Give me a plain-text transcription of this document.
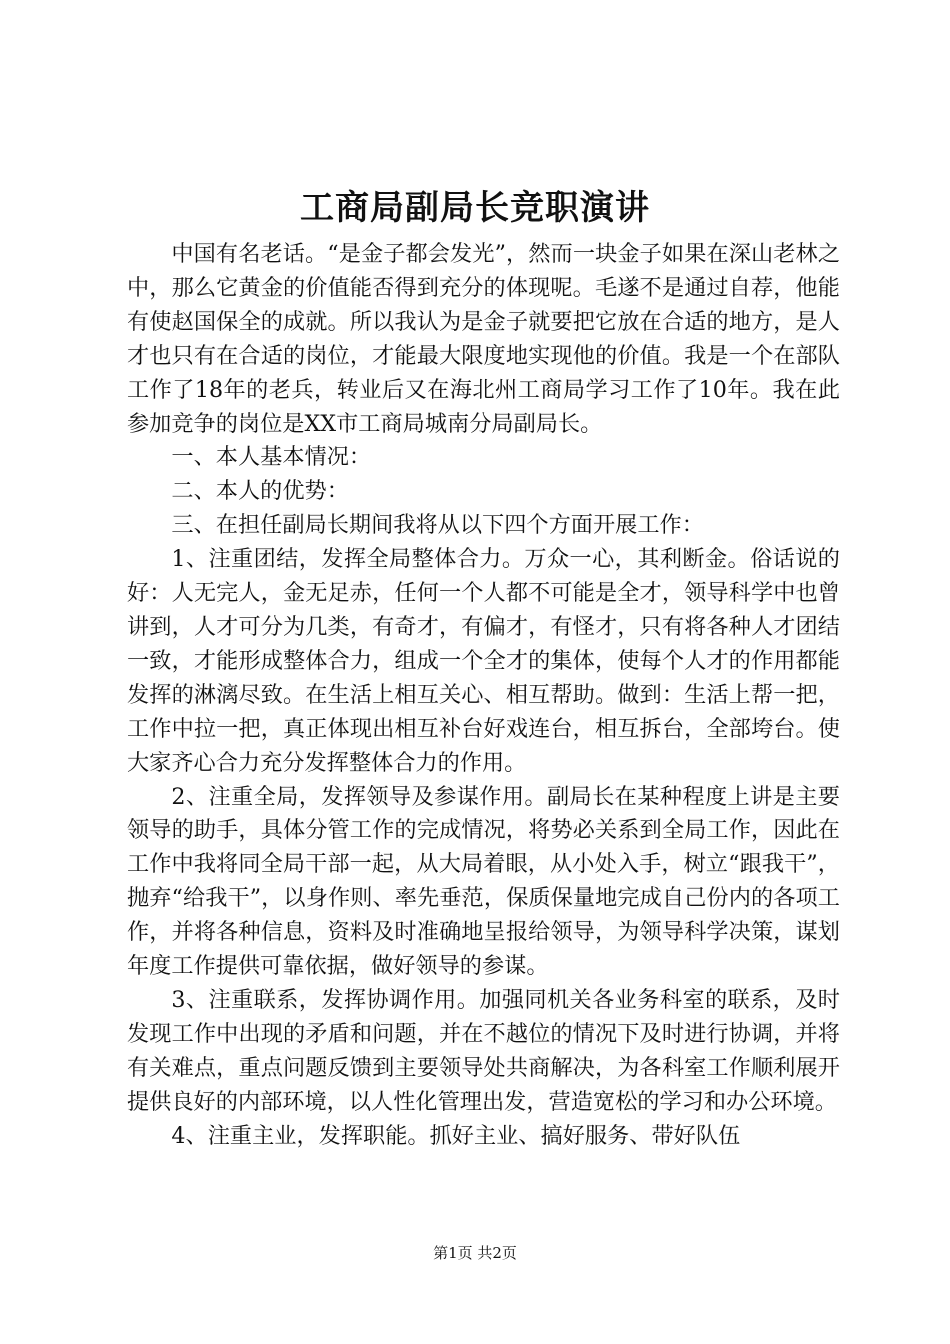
工商局副局长竞职演讲

中国有名老话。“是金子都会发光”，然而一块金子如果在深山老林之中，那么它黄金的价值能否得到充分的体现呢。毛遂不是通过自荐，他能有使赵国保全的成就。所以我认为是金子就要把它放在合适的地方，是人才也只有在合适的岗位，才能最大限度地实现他的价值。我是一个在部队工作了18年的老兵，转业后又在海北州工商局学习工作了10年。我在此参加竞争的岗位是XX市工商局城南分局副局长。

一、本人基本情况：

二、本人的优势：

三、在担任副局长期间我将从以下四个方面开展工作：

1、注重团结，发挥全局整体合力。万众一心，其利断金。俗话说的好：人无完人，金无足赤，任何一个人都不可能是全才，领导科学中也曾讲到，人才可分为几类，有奇才，有偏才，有怪才，只有将各种人才团结一致，才能形成整体合力，组成一个全才的集体，使每个人才的作用都能发挥的淋漓尽致。在生活上相互关心、相互帮助。做到：生活上帮一把，工作中拉一把，真正体现出相互补台好戏连台，相互拆台，全部垮台。使大家齐心合力充分发挥整体合力的作用。

2、注重全局，发挥领导及参谋作用。副局长在某种程度上讲是主要领导的助手，具体分管工作的完成情况，将势必关系到全局工作，因此在工作中我将同全局干部一起，从大局着眼，从小处入手，树立“跟我干”，抛弃“给我干”，以身作则、率先垂范，保质保量地完成自己份内的各项工作，并将各种信息，资料及时准确地呈报给领导，为领导科学决策，谋划年度工作提供可靠依据，做好领导的参谋。

3、注重联系，发挥协调作用。加强同机关各业务科室的联系，及时发现工作中出现的矛盾和问题，并在不越位的情况下及时进行协调，并将有关难点，重点问题反馈到主要领导处共商解决，为各科室工作顺利展开提供良好的内部环境，以人性化管理出发，营造宽松的学习和办公环境。

4、注重主业，发挥职能。抓好主业、搞好服务、带好队伍

第1页 共2页
